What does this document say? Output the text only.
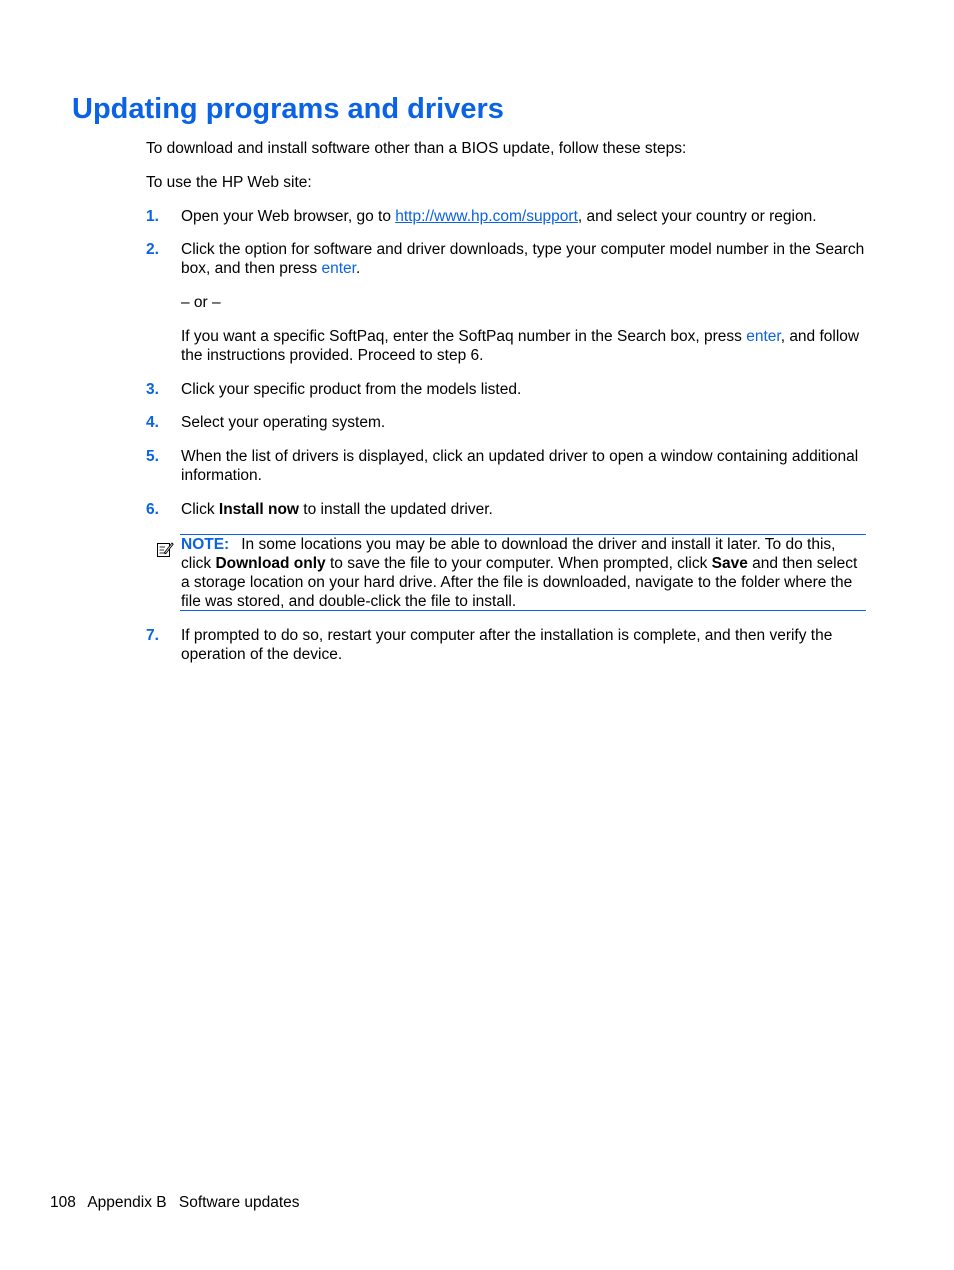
Updating programs and drivers

To download and install software other than a BIOS update, follow these steps:

To use the HP Web site:

1. Open your Web browser, go to http://www.hp.com/support, and select your country or region.
2. Click the option for software and driver downloads, type your computer model number in the Search box, and then press enter.
– or –
If you want a specific SoftPaq, enter the SoftPaq number in the Search box, press enter, and follow the instructions provided. Proceed to step 6.
3. Click your specific product from the models listed.
4. Select your operating system.
5. When the list of drivers is displayed, click an updated driver to open a window containing additional information.
6. Click Install now to install the updated driver.
NOTE: In some locations you may be able to download the driver and install it later. To do this, click Download only to save the file to your computer. When prompted, click Save and then select a storage location on your hard drive. After the file is downloaded, navigate to the folder where the file was stored, and double-click the file to install.
7. If prompted to do so, restart your computer after the installation is complete, and then verify the operation of the device.
108 Appendix B Software updates
